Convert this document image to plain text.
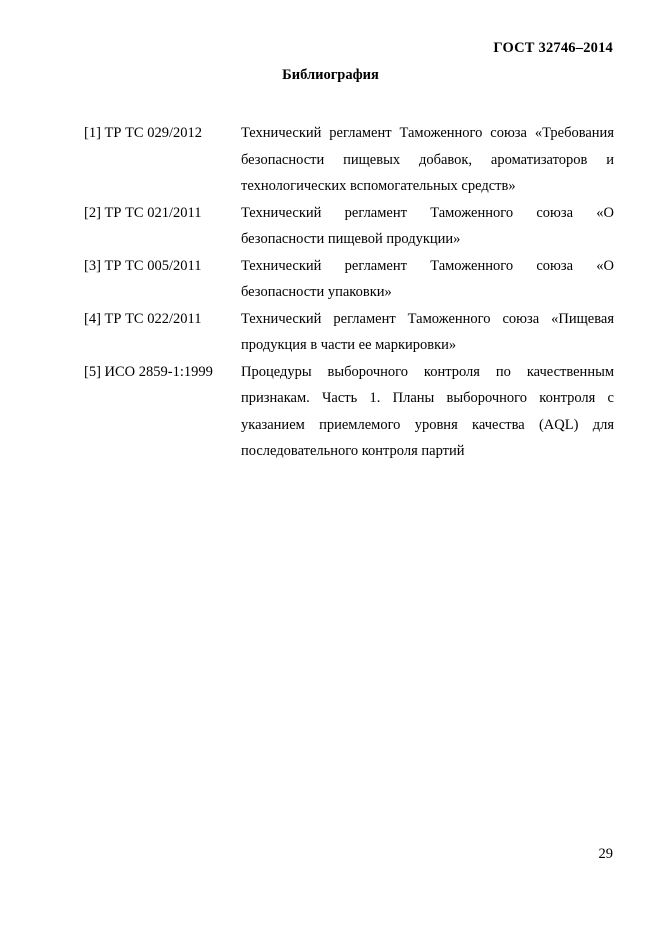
ГОСТ 32746–2014
Библиография
[1] ТР ТС 029/2012	Технический регламент Таможенного союза «Требования безопасности пищевых добавок, ароматизаторов и технологических вспомогательных средств»
[2] ТР ТС 021/2011	Технический регламент Таможенного союза «О безопасности пищевой продукции»
[3] ТР ТС 005/2011	Технический регламент Таможенного союза «О безопасности упаковки»
[4] ТР ТС 022/2011	Технический регламент Таможенного союза «Пищевая продукция в части ее маркировки»
[5] ИСО 2859-1:1999	Процедуры выборочного контроля по качественным признакам. Часть 1. Планы выборочного контроля с указанием приемлемого уровня качества (AQL) для последовательного контроля партий
29
